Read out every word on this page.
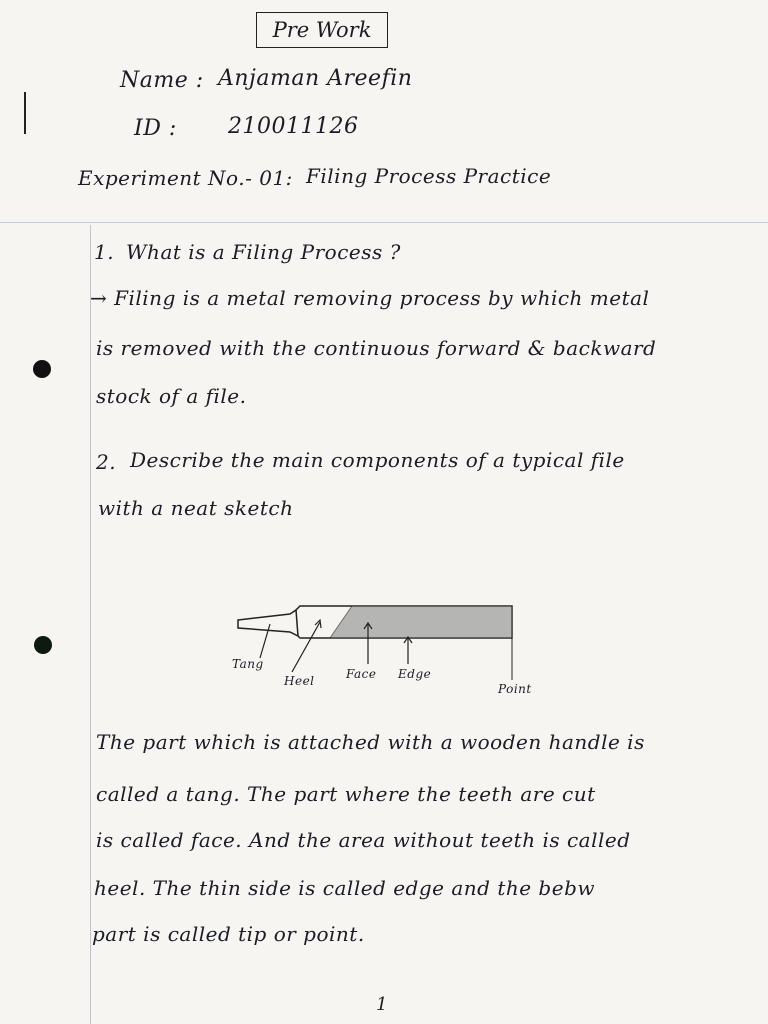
Pre Work
Name : Anjaman Areefin
ID : 210011126
Experiment No.- 01: Filing Process Practice
1. What is a Filing Process ?
→ Filing is a metal removing process by which metal
is removed with the continuous forward & backward
stock of a file.
2. Describe the main components of a typical file
with a neat sketch
Tang
Heel	Face Edge
Point
The part which is attached with a wooden handle is
called a tang. The part where the teeth are cut
is called face. And the area without teeth is called
heel. The thin side is called edge and the bebw
part is called tip or point.
1
